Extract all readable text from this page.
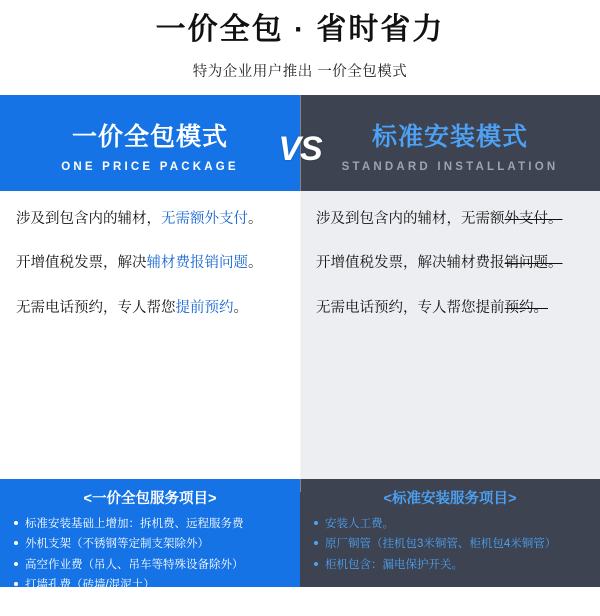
一价全包 · 省时省力
特为企业用户推出 一价全包模式
VS
一价全包模式
ONE PRICE PACKAGE

涉及到包含内的辅材，无需额外支付。

开增值税发票，解决辅材费报销问题。

无需电话预约，专人帮您提前预约。

<一价全包服务项目>
标准安装基础上增加：拆机费、远程服务费
外机支架（不锈钢等定制支架除外）
高空作业费（吊人、吊车等特殊设备除外）
打墙孔费（砖墙/混泥土）
加长铜管（加长5米、7米、10米、15米）
标准安装模式
STANDARD INSTALLATION

涉及到包含内的辅材，无需额外支付。

开增值税发票，解决辅材费报销问题。

无需电话预约，专人帮您提前预约。

<标准安装服务项目>
安装人工费。
原厂铜管（挂机包3米铜管、柜机包4米铜管）
柜机包含：漏电保护开关。
